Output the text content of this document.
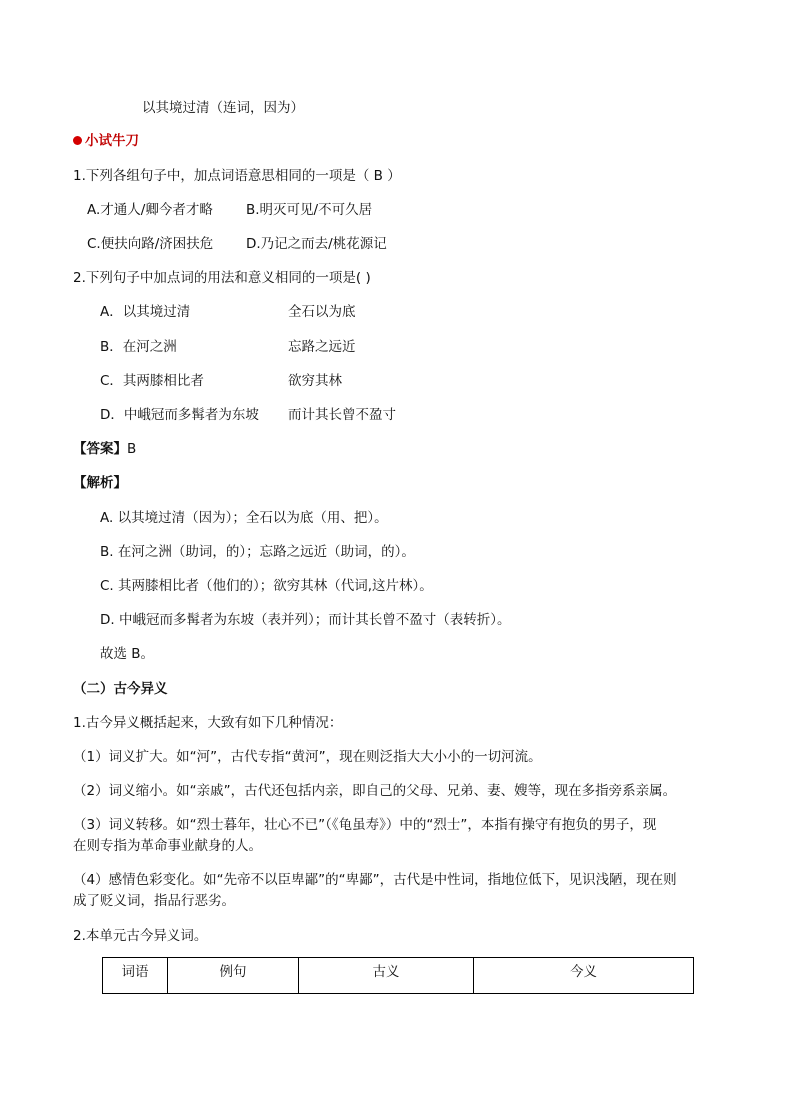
以其境过清（连词，因为）
小试牛刀
1.下列各组句子中，加点词语意思相同的一项是（ B ）
A.才通人/卿今者才略 B.明灭可见/不可久居
C.便扶向路/济困扶危 D.乃记之而去/桃花源记
2.下列句子中加点词的用法和意义相同的一项是( )
A．以其境过清	全石以为底
B．在河之洲	忘路之远近
C．其两膝相比者	欲穷其林
D．中峨冠而多髯者为东坡 而计其长曾不盈寸
【答案】B
【解析】
A. 以其境过清（因为）；全石以为底（用、把）。
B. 在河之洲（助词，的）；忘路之远近（助词，的）。
C. 其两膝相比者（他们的）；欲穷其林（代词,这片林）。
D. 中峨冠而多髯者为东坡（表并列）；而计其长曾不盈寸（表转折）。
故选 B。
（二）古今异义
1.古今异义概括起来，大致有如下几种情况：
（1）词义扩大。如“河”，古代专指“黄河”，现在则泛指大大小小的一切河流。
（2）词义缩小。如“亲戚”，古代还包括内亲，即自己的父母、兄弟、妻、嫂等，现在多指旁系亲属。
（3）词义转移。如“烈士暮年，壮心不已”（《龟虽寿》）中的“烈士”，本指有操守有抱负的男子，现
在则专指为革命事业献身的人。
（4）感情色彩变化。如“先帝不以臣卑鄙”的“卑鄙”，古代是中性词，指地位低下，见识浅陋，现在则
成了贬义词，指品行恶劣。
2.本单元古今异义词。
词语	例句	古义	今义
